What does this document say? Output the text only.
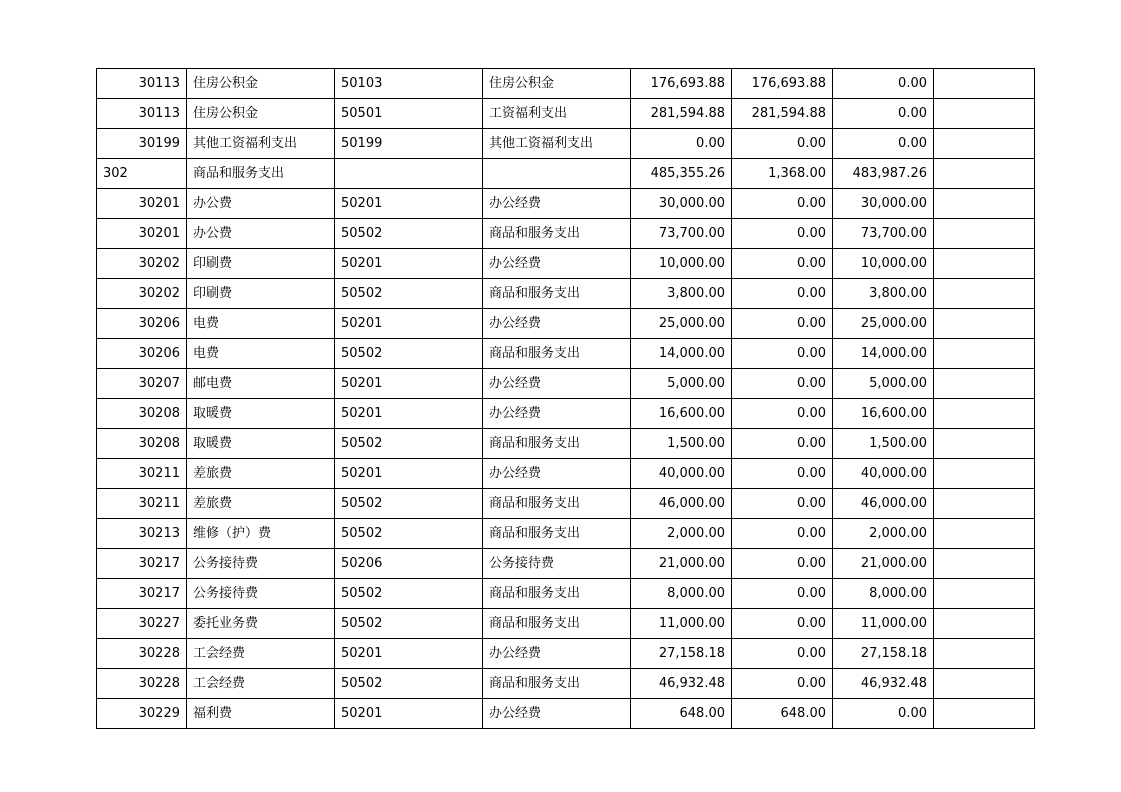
30113	住房公积金	50103	住房公积金	176,693.88	176,693.88	0.00	
30113	住房公积金	50501	工资福利支出	281,594.88	281,594.88	0.00	
30199	其他工资福利支出	50199	其他工资福利支出	0.00	0.00	0.00	
302	商品和服务支出			485,355.26	1,368.00	483,987.26	
30201	办公费	50201	办公经费	30,000.00	0.00	30,000.00	
30201	办公费	50502	商品和服务支出	73,700.00	0.00	73,700.00	
30202	印刷费	50201	办公经费	10,000.00	0.00	10,000.00	
30202	印刷费	50502	商品和服务支出	3,800.00	0.00	3,800.00	
30206	电费	50201	办公经费	25,000.00	0.00	25,000.00	
30206	电费	50502	商品和服务支出	14,000.00	0.00	14,000.00	
30207	邮电费	50201	办公经费	5,000.00	0.00	5,000.00	
30208	取暖费	50201	办公经费	16,600.00	0.00	16,600.00	
30208	取暖费	50502	商品和服务支出	1,500.00	0.00	1,500.00	
30211	差旅费	50201	办公经费	40,000.00	0.00	40,000.00	
30211	差旅费	50502	商品和服务支出	46,000.00	0.00	46,000.00	
30213	维修（护）费	50502	商品和服务支出	2,000.00	0.00	2,000.00	
30217	公务接待费	50206	公务接待费	21,000.00	0.00	21,000.00	
30217	公务接待费	50502	商品和服务支出	8,000.00	0.00	8,000.00	
30227	委托业务费	50502	商品和服务支出	11,000.00	0.00	11,000.00	
30228	工会经费	50201	办公经费	27,158.18	0.00	27,158.18	
30228	工会经费	50502	商品和服务支出	46,932.48	0.00	46,932.48	
30229	福利费	50201	办公经费	648.00	648.00	0.00	
